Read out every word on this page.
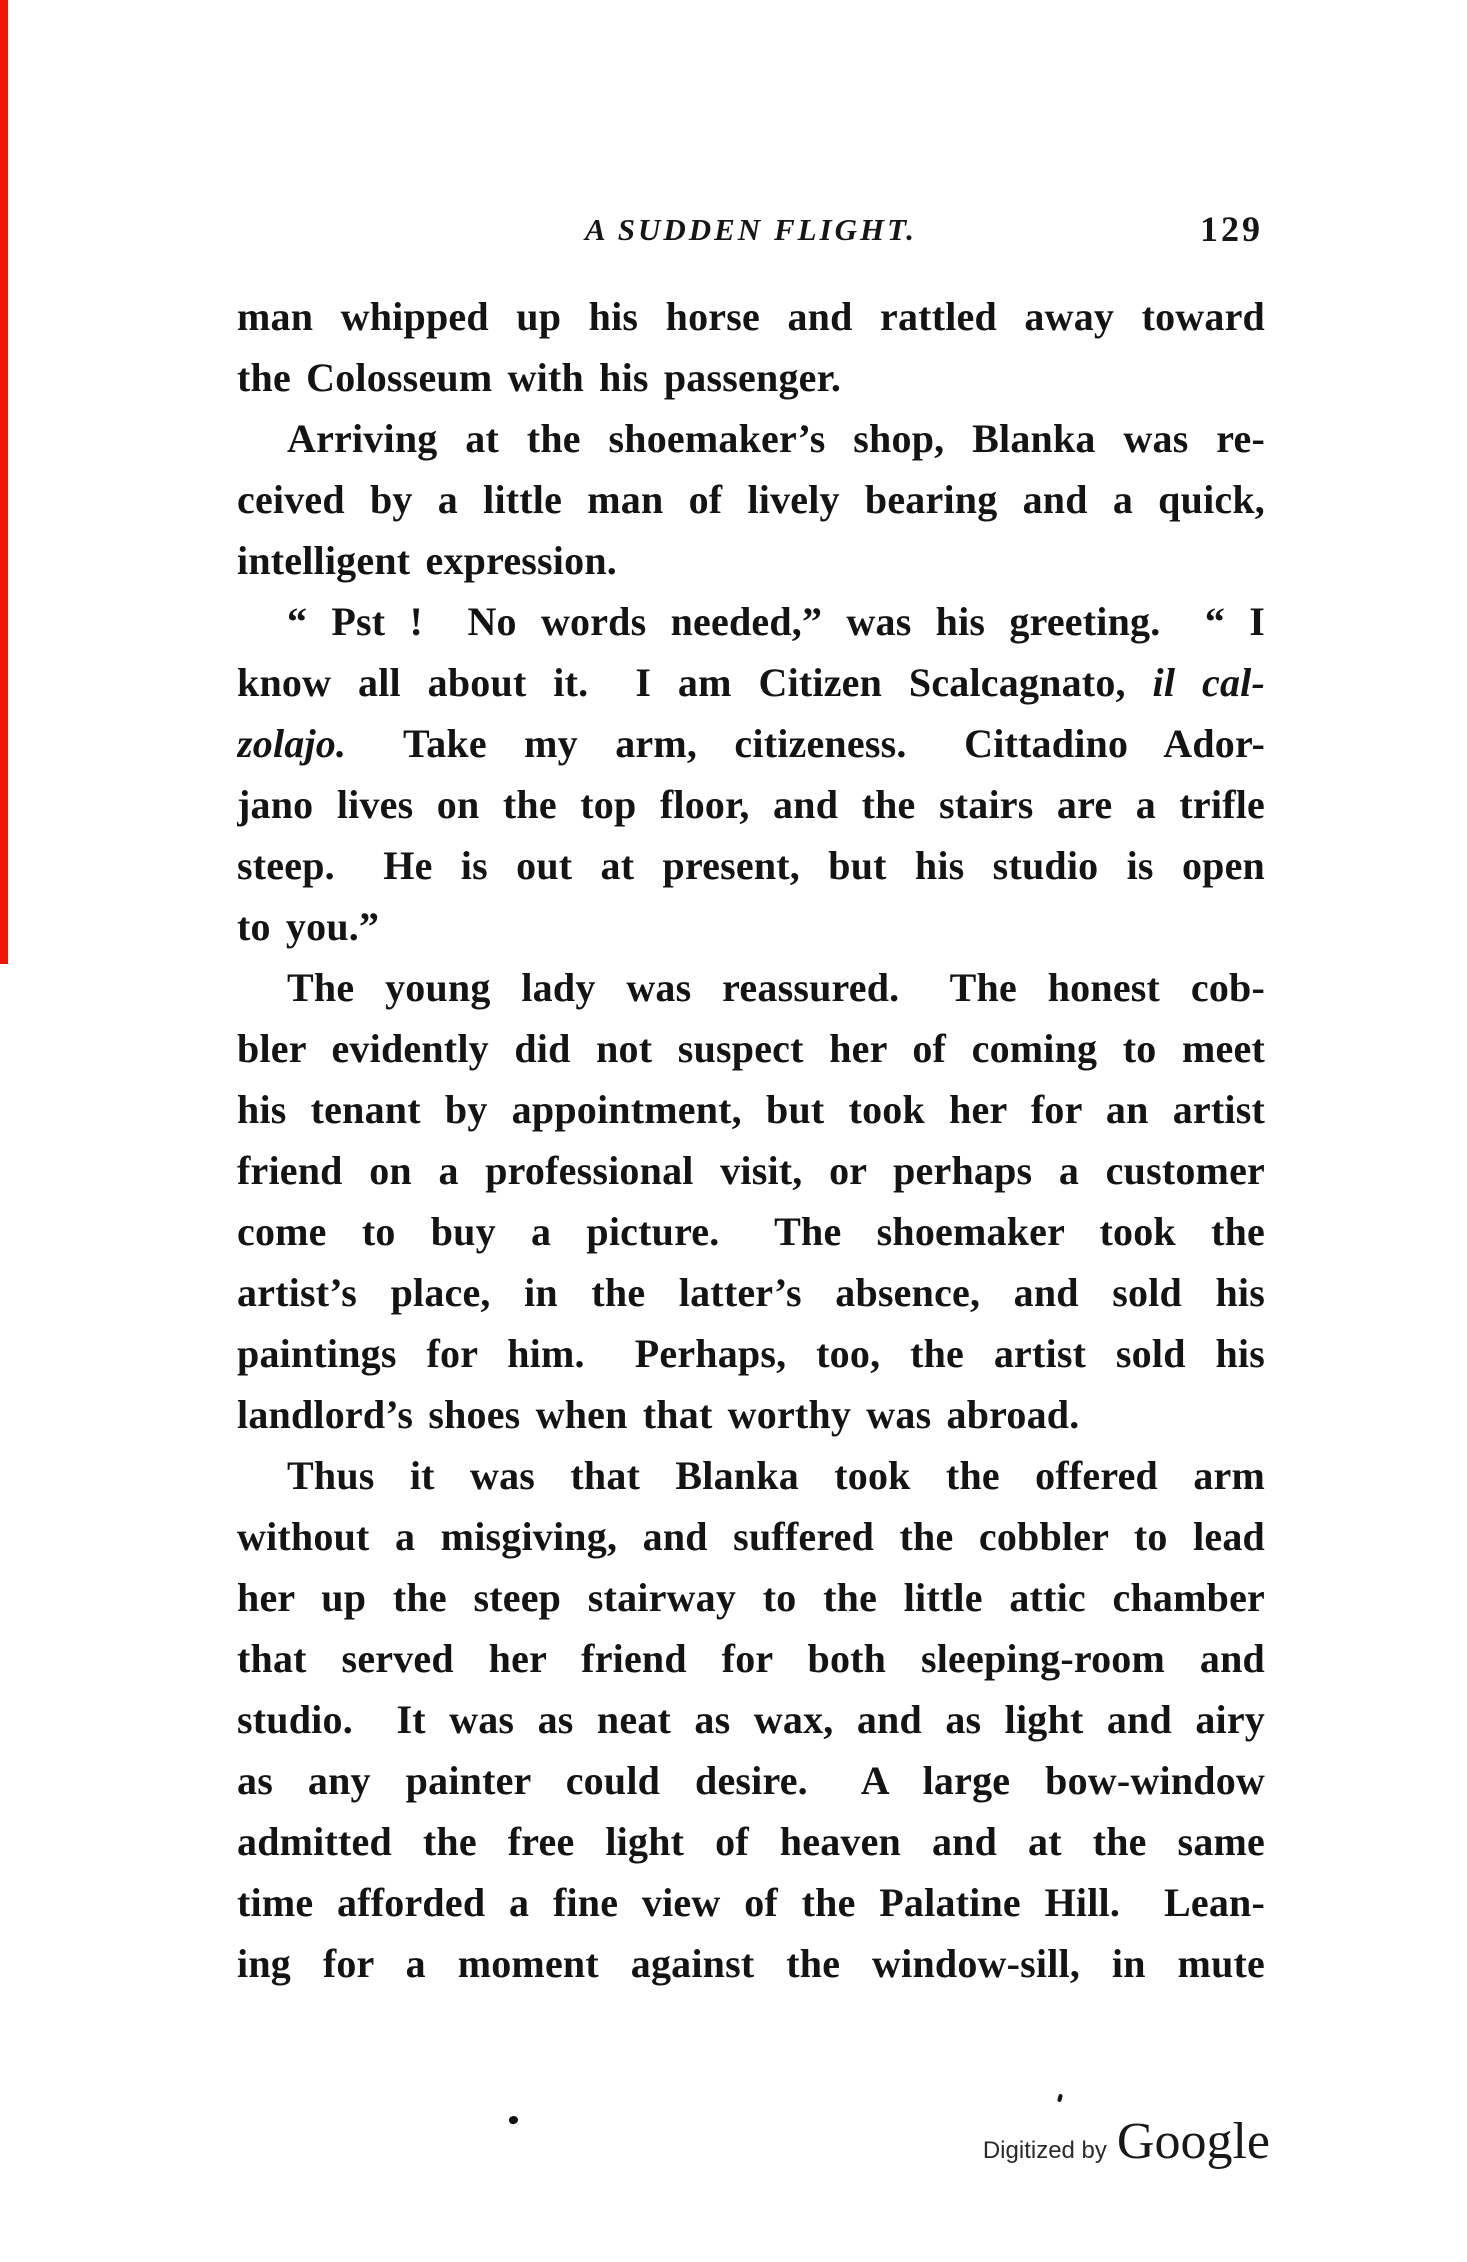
A SUDDEN FLIGHT.	129
man whipped up his horse and rattled away toward
the Colosseum with his passenger.
Arriving at the shoemaker’s shop, Blanka was re-
ceived by a little man of lively bearing and a quick,
intelligent expression.
“ Pst !  No words needed,” was his greeting.  “ I
know all about it.  I am Citizen Scalcagnato, il cal-
zolajo.  Take my arm, citizeness.  Cittadino Ador-
jano lives on the top floor, and the stairs are a trifle
steep.  He is out at present, but his studio is open
to you.”
The young lady was reassured.  The honest cob-
bler evidently did not suspect her of coming to meet
his tenant by appointment, but took her for an artist
friend on a professional visit, or perhaps a customer
come to buy a picture.  The shoemaker took the
artist’s place, in the latter’s absence, and sold his
paintings for him.  Perhaps, too, the artist sold his
landlord’s shoes when that worthy was abroad.
Thus it was that Blanka took the offered arm
without a misgiving, and suffered the cobbler to lead
her up the steep stairway to the little attic chamber
that served her friend for both sleeping-room and
studio.  It was as neat as wax, and as light and airy
as any painter could desire.  A large bow-window
admitted the free light of heaven and at the same
time afforded a fine view of the Palatine Hill.  Lean-
ing for a moment against the window-sill, in mute
Digitized by Google
